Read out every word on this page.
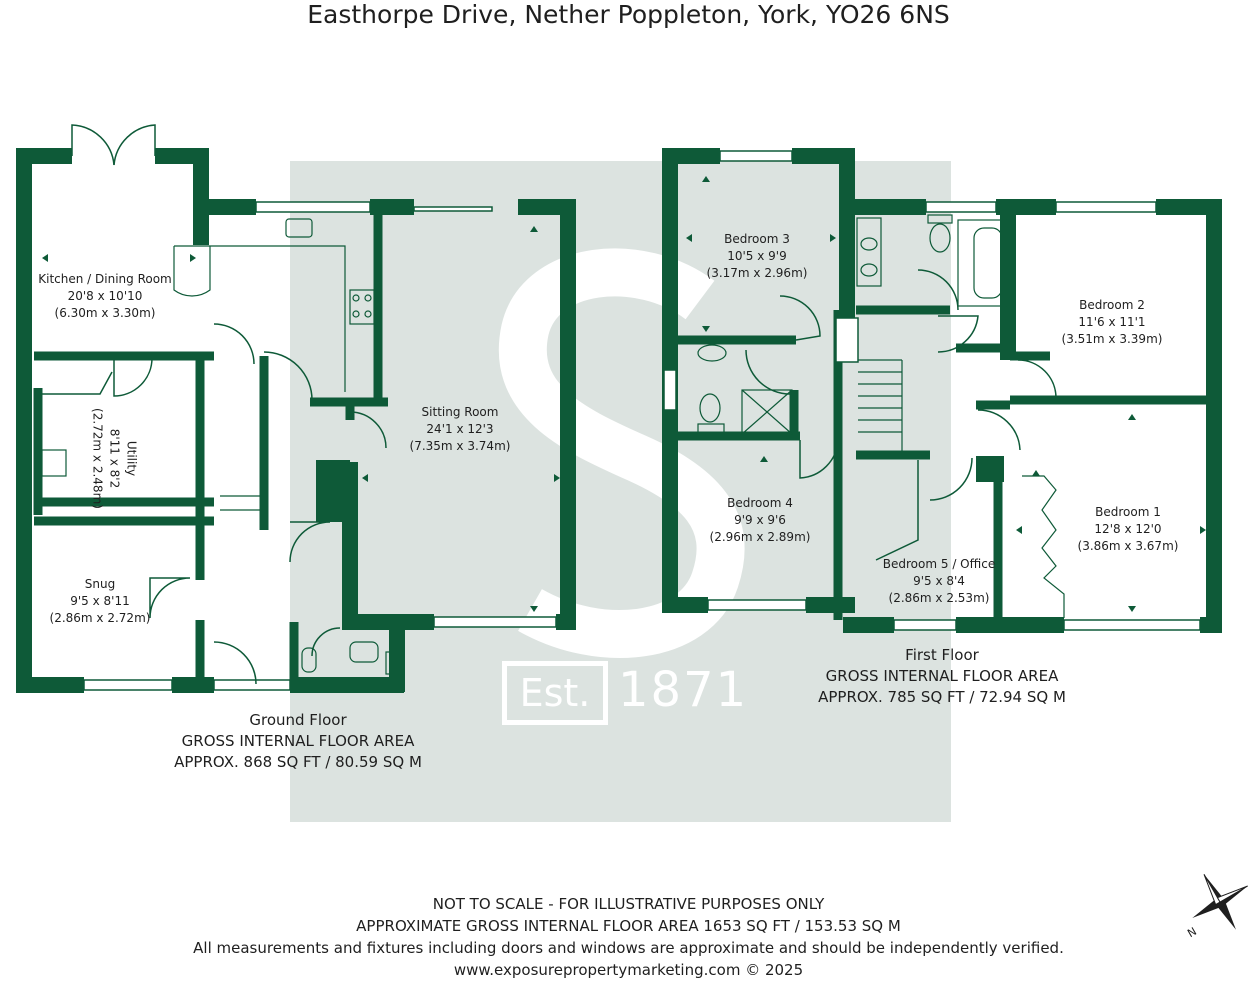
Easthorpe Drive, Nether Poppleton, York, YO26 6NS
Est. 1871
N
Kitchen / Dining Room
20'8 x 10'10
(6.30m x 3.30m)
Utility
8'11 x 8'2
(2.72m x 2.48m)
Snug
9'5 x 8'11
(2.86m x 2.72m)
Sitting Room
24'1 x 12'3
(7.35m x 3.74m)
Bedroom 3
10'5 x 9'9
(3.17m x 2.96m)
Bedroom 4
9'9 x 9'6
(2.96m x 2.89m)
Bedroom 5 / Office
9'5 x 8'4
(2.86m x 2.53m)
Bedroom 2
11'6 x 11'1
(3.51m x 3.39m)
Bedroom 1
12'8 x 12'0
(3.86m x 3.67m)
Ground Floor
GROSS INTERNAL FLOOR AREA
APPROX. 868 SQ FT / 80.59 SQ M
First Floor
GROSS INTERNAL FLOOR AREA
APPROX. 785 SQ FT / 72.94 SQ M
NOT TO SCALE - FOR ILLUSTRATIVE PURPOSES ONLY
APPROXIMATE GROSS INTERNAL FLOOR AREA 1653 SQ FT / 153.53 SQ M
All measurements and fixtures including doors and windows are approximate and should be independently verified.
www.exposurepropertymarketing.com © 2025
